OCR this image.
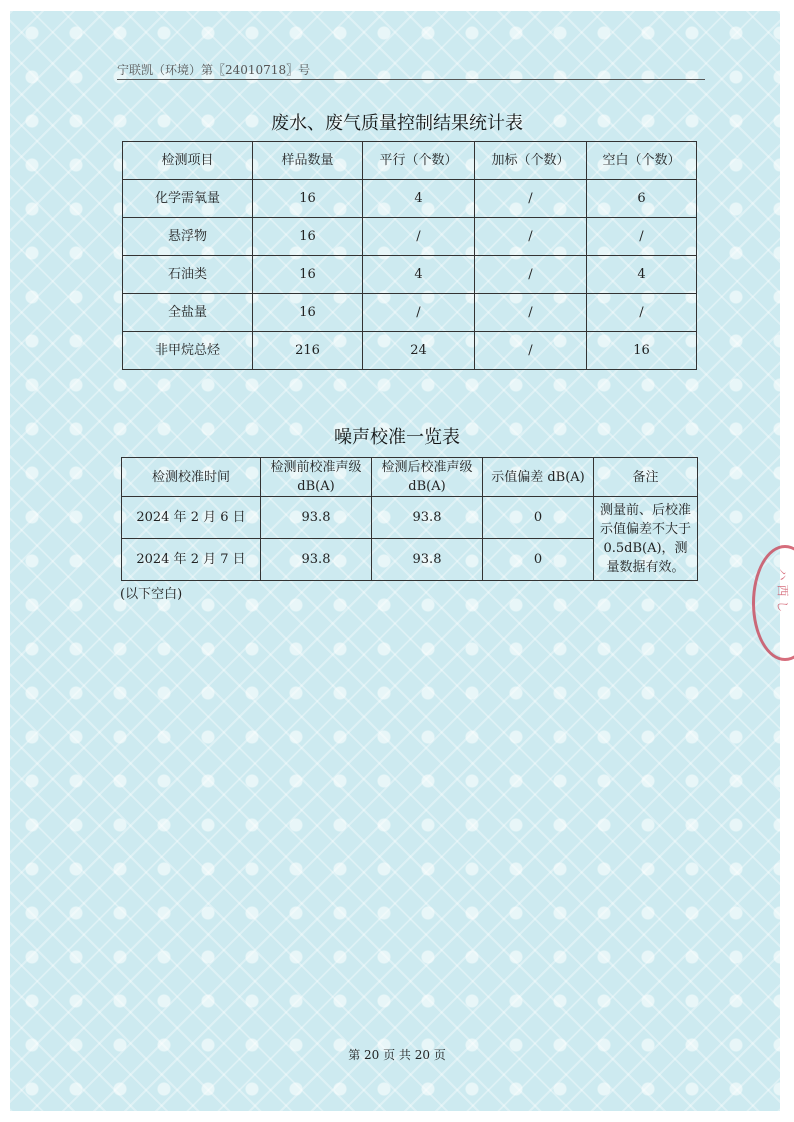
宁联凯（环境）第〖24010718〗号
废水、废气质量控制结果统计表
检测项目	样品数量	平行（个数）	加标（个数）	空白（个数）
化学需氧量	16	4	/	6
悬浮物	16	/	/	/
石油类	16	4	/	4
全盐量	16	/	/	/
非甲烷总烃	216	24	/	16
噪声校准一览表
检测校准时间	检测前校准声级 dB(A)	检测后校准声级 dB(A)	示值偏差 dB(A)	备注
2024 年 2 月 6 日	93.8	93.8	0	测量前、后校准示值偏差不大于 0.5dB(A)，测量数据有效。
2024 年 2 月 7 日	93.8	93.8	0	
(以下空白)	ハ 西 し
第 20 页 共 20 页
